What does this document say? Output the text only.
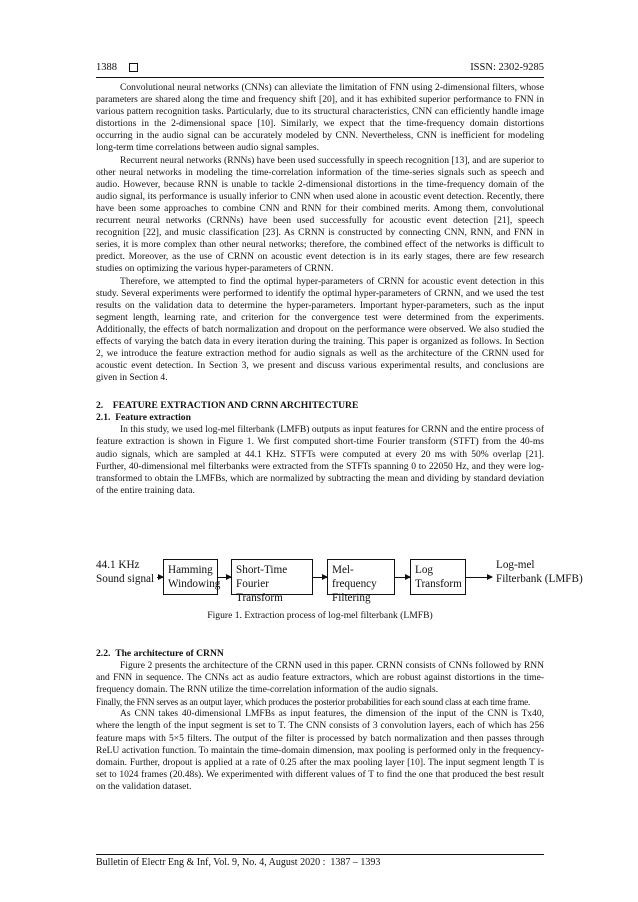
1388	ISSN: 2302-9285

Convolutional neural networks (CNNs) can alleviate the limitation of FNN using 2-dimensional filters, whose parameters are shared along the time and frequency shift [20], and it has exhibited superior performance to FNN in various pattern recognition tasks. Particularly, due to its structural characteristics, CNN can efficiently handle image distortions in the 2-dimensional space [10]. Similarly, we expect that the time-frequency domain distortions occurring in the audio signal can be accurately modeled by CNN. Nevertheless, CNN is inefficient for modeling long-term time correlations between audio signal samples.

Recurrent neural networks (RNNs) have been used successfully in speech recognition [13], and are superior to other neural networks in modeling the time-correlation information of the time-series signals such as speech and audio. However, because RNN is unable to tackle 2-dimensional distortions in the time-frequency domain of the audio signal, its performance is usually inferior to CNN when used alone in acoustic event detection. Recently, there have been some approaches to combine CNN and RNN for their combined merits. Among them, convolutional recurrent neural networks (CRNNs) have been used successfully for acoustic event detection [21], speech recognition [22], and music classification [23]. As CRNN is constructed by connecting CNN, RNN, and FNN in series, it is more complex than other neural networks; therefore, the combined effect of the networks is difficult to predict. Moreover, as the use of CRNN on acoustic event detection is in its early stages, there are few research studies on optimizing the various hyper-parameters of CRNN.

Therefore, we attempted to find the optimal hyper-parameters of CRNN for acoustic event detection in this study. Several experiments were performed to identify the optimal hyper-parameters of CRNN, and we used the test results on the validation data to determine the hyper-parameters. Important hyper-parameters, such as the input segment length, learning rate, and criterion for the convergence test were determined from the experiments. Additionally, the effects of batch normalization and dropout on the performance were observed. We also studied the effects of varying the batch data in every iteration during the training. This paper is organized as follows. In Section 2, we introduce the feature extraction method for audio signals as well as the architecture of the CRNN used for acoustic event detection. In Section 3, we present and discuss various experimental results, and conclusions are given in Section 4.

2.    FEATURE EXTRACTION AND CRNN ARCHITECTURE
2.1.  Feature extraction

In this study, we used log-mel filterbank (LMFB) outputs as input features for CRNN and the entire process of feature extraction is shown in Figure 1. We first computed short-time Fourier transform (STFT) from the 40-ms audio signals, which are sampled at 44.1 KHz. STFTs were computed at every 20 ms with 50% overlap [21]. Further, 40-dimensional mel filterbanks were extracted from the STFTs spanning 0 to 22050 Hz, and they were log-transformed to obtain the LMFBs, which are normalized by subtracting the mean and dividing by standard deviation of the entire training data.

44.1 KHz
Sound signal
Hamming
Windowing
Short-Time
Fourier Transform
Mel-frequency
Filtering
Log
Transform
Log-mel
Filterbank (LMFB)
Figure 1. Extraction process of log-mel filterbank (LMFB)
2.2.  The architecture of CRNN

Figure 2 presents the architecture of the CRNN used in this paper. CRNN consists of CNNs followed by RNN and FNN in sequence. The CNNs act as audio feature extractors, which are robust against distortions in the time-frequency domain. The RNN utilize the time-correlation information of the audio signals.

Finally, the FNN serves as an output layer, which produces the posterior probabilities for each sound class at each time frame.

As CNN takes 40-dimensional LMFBs as input features, the dimension of the input of the CNN is Tx40, where the length of the input segment is set to T. The CNN consists of 3 convolution layers, each of which has 256 feature maps with 5×5 filters. The output of the filter is processed by batch normalization and then passes through ReLU activation function. To maintain the time-domain dimension, max pooling is performed only in the frequency-domain. Further, dropout is applied at a rate of 0.25 after the max pooling layer [10]. The input segment length T is set to 1024 frames (20.48s). We experimented with different values of T to find the one that produced the best result on the validation dataset.

Bulletin of Electr Eng & Inf, Vol. 9, No. 4, August 2020 :  1387 – 1393
